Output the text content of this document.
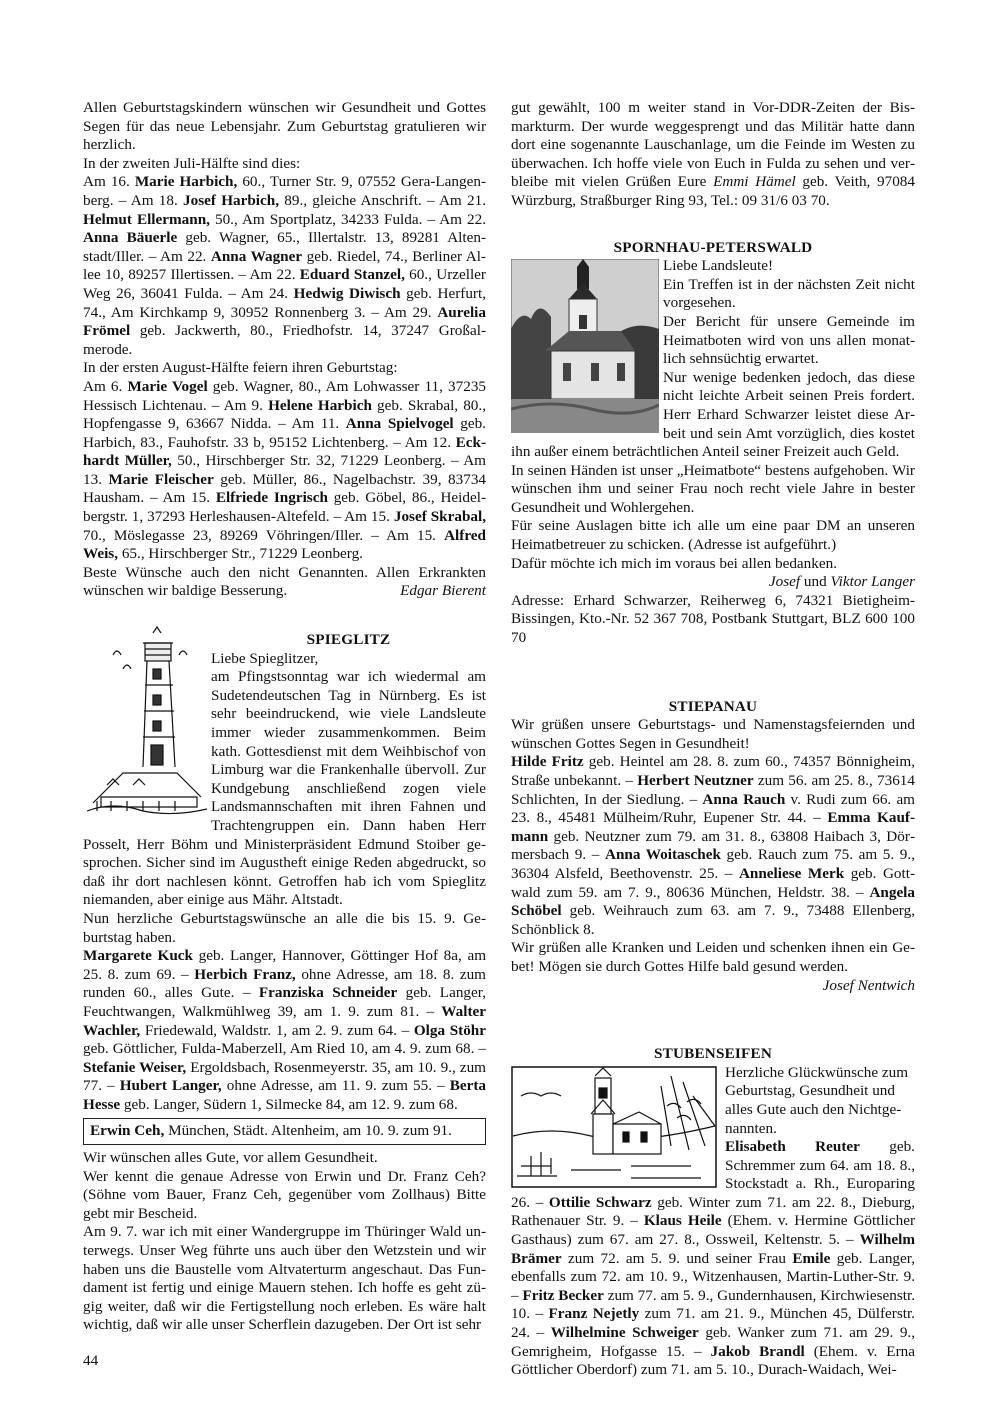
Allen Geburtstagskindern wünschen wir Gesundheit und Gottes Segen für das neue Lebensjahr. Zum Geburtstag gratulieren wir herzlich.

In der zweiten Juli-Hälfte sind dies:

Am 16. Marie Harbich, 60., Turner Str. 9, 07552 Gera-Langenberg. – Am 18. Josef Harbich, 89., gleiche Anschrift. – Am 21. Helmut Ellermann, 50., Am Sportplatz, 34233 Fulda. – Am 22. Anna Bäuerle geb. Wagner, 65., Illertalstr. 13, 89281 Altenstadt/Iller. – Am 22. Anna Wagner geb. Riedel, 74., Berliner Allee 10, 89257 Illertissen. – Am 22. Eduard Stanzel, 60., Urzeller Weg 26, 36041 Fulda. – Am 24. Hedwig Diwisch geb. Herfurt, 74., Am Kirchkamp 9, 30952 Ronnenberg 3. – Am 29. Aurelia Frömel geb. Jackwerth, 80., Friedhofstr. 14, 37247 Großalmerode.

In der ersten August-Hälfte feiern ihren Geburtstag:

Am 6. Marie Vogel geb. Wagner, 80., Am Lohwasser 11, 37235 Hessisch Lichtenau. – Am 9. Helene Harbich geb. Skrabal, 80., Hopfengasse 9, 63667 Nidda. – Am 11. Anna Spielvogel geb. Harbich, 83., Fauhofstr. 33 b, 95152 Lichtenberg. – Am 12. Eckhardt Müller, 50., Hirschberger Str. 32, 71229 Leonberg. – Am 13. Marie Fleischer geb. Müller, 86., Nagelbachstr. 39, 83734 Hausham. – Am 15. Elfriede Ingrisch geb. Göbel, 86., Heidelbergstr. 1, 37293 Herleshausen-Altefeld. – Am 15. Josef Skrabal, 70., Möslegasse 23, 89269 Vöhringen/Iller. – Am 15. Alfred Weis, 65., Hirschberger Str., 71229 Leonberg.

Beste Wünsche auch den nicht Genannten. Allen Erkrankten wünschen wir baldige Besserung.	Edgar Bierent

SPIEGLITZ

Liebe Spieglitzer,

am Pfingstsonntag war ich wiedermal am Sudetendeutschen Tag in Nürnberg. Es ist sehr beeindruckend, wie viele Landsleute immer wieder zusammenkommen. Beim kath. Gottesdienst mit dem Weihbischof von Limburg war die Frankenhalle übervoll. Zur Kundgebung anschließend zogen viele Landsmannschaften mit ihren Fahnen und Trachtengruppen ein. Dann haben Herr Posselt, Herr Böhm und Ministerpräsident Edmund Stoiber gesprochen. Sicher sind im Augustheft einige Reden abgedruckt, so daß ihr dort nachlesen könnt. Getroffen hab ich vom Spieglitz niemanden, aber einige aus Mähr. Altstadt.

Nun herzliche Geburtstagswünsche an alle die bis 15. 9. Geburtstag haben.

Margarete Kuck geb. Langer, Hannover, Göttinger Hof 8a, am 25. 8. zum 69. – Herbich Franz, ohne Adresse, am 18. 8. zum runden 60., alles Gute. – Franziska Schneider geb. Langer, Feuchtwangen, Walkmühlweg 39, am 1. 9. zum 81. – Walter Wachler, Friedewald, Waldstr. 1, am 2. 9. zum 64. – Olga Stöhr geb. Göttlicher, Fulda-Maberzell, Am Ried 10, am 4. 9. zum 68. – Stefanie Weiser, Ergoldsbach, Rosenmeyerstr. 35, am 10. 9., zum 77. – Hubert Langer, ohne Adresse, am 11. 9. zum 55. – Berta Hesse geb. Langer, Südern 1, Silmecke 84, am 12. 9. zum 68.

Erwin Ceh, München, Städt. Altenheim, am 10. 9. zum 91.

Wir wünschen alles Gute, vor allem Gesundheit.

Wer kennt die genaue Adresse von Erwin und Dr. Franz Ceh? (Söhne vom Bauer, Franz Ceh, gegenüber vom Zollhaus) Bitte gebt mir Bescheid.

Am 9. 7. war ich mit einer Wandergruppe im Thüringer Wald unterwegs. Unser Weg führte uns auch über den Wetzstein und wir haben uns die Baustelle vom Altvaterturm angeschaut. Das Fundament ist fertig und einige Mauern stehen. Ich hoffe es geht zügig weiter, daß wir die Fertigstellung noch erleben. Es wäre halt wichtig, daß wir alle unser Scherflein dazugeben. Der Ort ist sehr

gut gewählt, 100 m weiter stand in Vor-DDR-Zeiten der Bismarkturm. Der wurde weggesprengt und das Militär hatte dann dort eine sogenannte Lauschanlage, um die Feinde im Westen zu überwachen. Ich hoffe viele von Euch in Fulda zu sehen und verbleibe mit vielen Grüßen Eure Emmi Hämel geb. Veith, 97084 Würzburg, Straßburger Ring 93, Tel.: 09 31/6 03 70.

SPORNHAU-PETERSWALD

Liebe Landsleute!

Ein Treffen ist in der nächsten Zeit nicht vorgesehen.

Der Bericht für unsere Gemeinde im Heimatboten wird von uns allen monatlich sehnsüchtig erwartet.

Nur wenige bedenken jedoch, das diese nicht leichte Arbeit seinen Preis fordert. Herr Erhard Schwarzer leistet diese Arbeit und sein Amt vorzüglich, dies kostet ihn außer einem beträchtlichen Anteil seiner Freizeit auch Geld.

In seinen Händen ist unser „Heimatbote“ bestens aufgehoben. Wir wünschen ihm und seiner Frau noch recht viele Jahre in bester Gesundheit und Wohlergehen.

Für seine Auslagen bitte ich alle um eine paar DM an unseren Heimatbetreuer zu schicken. (Adresse ist aufgeführt.)

Dafür möchte ich mich im voraus bei allen bedanken.

Josef und Viktor Langer

Adresse: Erhard Schwarzer, Reiherweg 6, 74321 Bietigheim-Bissingen, Kto.-Nr. 52 367 708, Postbank Stuttgart, BLZ 600 100 70

STIEPANAU

Wir grüßen unsere Geburtstags- und Namenstagsfeiernden und wünschen Gottes Segen in Gesundheit!

Hilde Fritz geb. Heintel am 28. 8. zum 60., 74357 Bönnigheim, Straße unbekannt. – Herbert Neutzner zum 56. am 25. 8., 73614 Schlichten, In der Siedlung. – Anna Rauch v. Rudi zum 66. am 23. 8., 45481 Mülheim/Ruhr, Eupener Str. 44. – Emma Kaufmann geb. Neutzner zum 79. am 31. 8., 63808 Haibach 3, Dörmersbach 9. – Anna Woitaschek geb. Rauch zum 75. am 5. 9., 36304 Alsfeld, Beethovenstr. 25. – Anneliese Merk geb. Gottwald zum 59. am 7. 9., 80636 München, Heldstr. 38. – Angela Schöbel geb. Weihrauch zum 63. am 7. 9., 73488 Ellenberg, Schönblick 8.

Wir grüßen alle Kranken und Leiden und schenken ihnen ein Gebet! Mögen sie durch Gottes Hilfe bald gesund werden.

Josef Nentwich

STUBENSEIFEN

Herzliche Glückwünsche zum Geburtstag, Gesundheit und alles Gute auch den Nichtgenannten.

Elisabeth Reuter geb. Schremmer zum 64. am 18. 8., Stockstadt a. Rh., Europaring 26. – Ottilie Schwarz geb. Winter zum 71. am 22. 8., Dieburg, Rathenauer Str. 9. – Klaus Heile (Ehem. v. Hermine Göttlicher Gasthaus) zum 67. am 27. 8., Ossweil, Keltenstr. 5. – Wilhelm Brämer zum 72. am 5. 9. und seiner Frau Emile geb. Langer, ebenfalls zum 72. am 10. 9., Witzenhausen, Martin-Luther-Str. 9. – Fritz Becker zum 77. am 5. 9., Gundernhausen, Kirchwiesenstr. 10. – Franz Nejetly zum 71. am 21. 9., München 45, Dülferstr. 24. – Wilhelmine Schweiger geb. Wanker zum 71. am 29. 9., Gemrigheim, Hofgasse 15. – Jakob Brandl (Ehem. v. Erna Göttlicher Oberdorf) zum 71. am 5. 10., Durach-Waidach, Wei-

44
